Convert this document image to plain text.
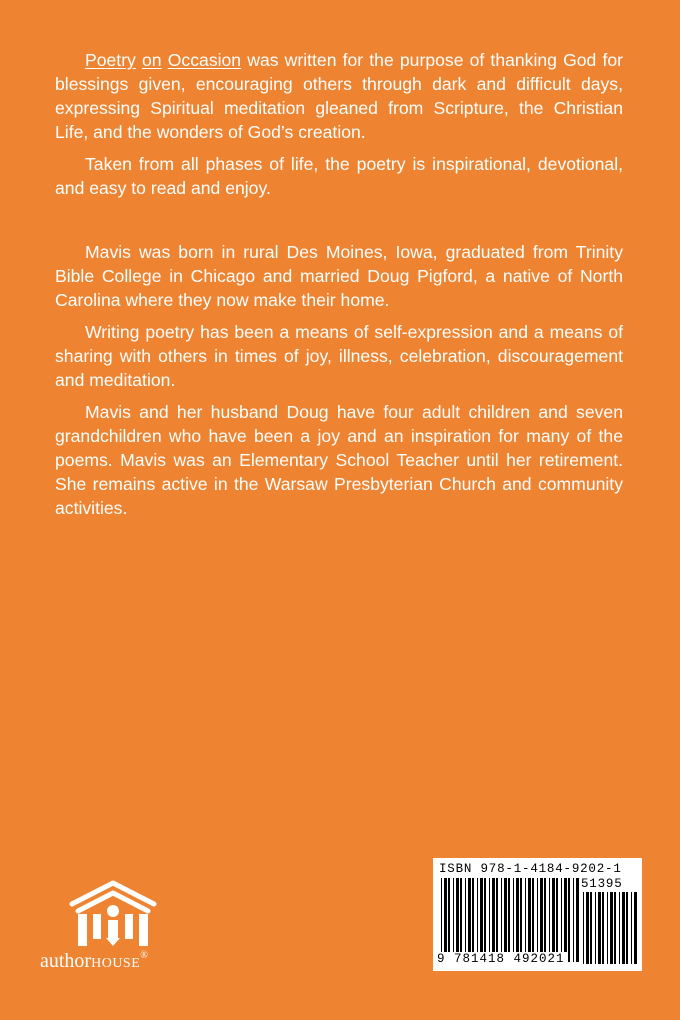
Poetry on Occasion was written for the purpose of thanking God for blessings given, encouraging others through dark and difficult days, expressing Spiritual meditation gleaned from Scripture, the Christian Life, and the wonders of God’s creation.

Taken from all phases of life, the poetry is inspirational, devotional, and easy to read and enjoy.

Mavis was born in rural Des Moines, Iowa, graduated from Trinity Bible College in Chicago and married Doug Pigford, a native of North Carolina where they now make their home.

Writing poetry has been a means of self-expression and a means of sharing with others in times of joy, illness, celebration, discouragement and meditation.

Mavis and her husband Doug have four adult children and seven grandchildren who have been a joy and an inspiration for many of the poems. Mavis was an Elementary School Teacher until her retirement. She remains active in the Warsaw Presbyterian Church and community activities.

authorHOUSE®
ISBN 978-1-4184-9202-1
51395
9 781418 492021
